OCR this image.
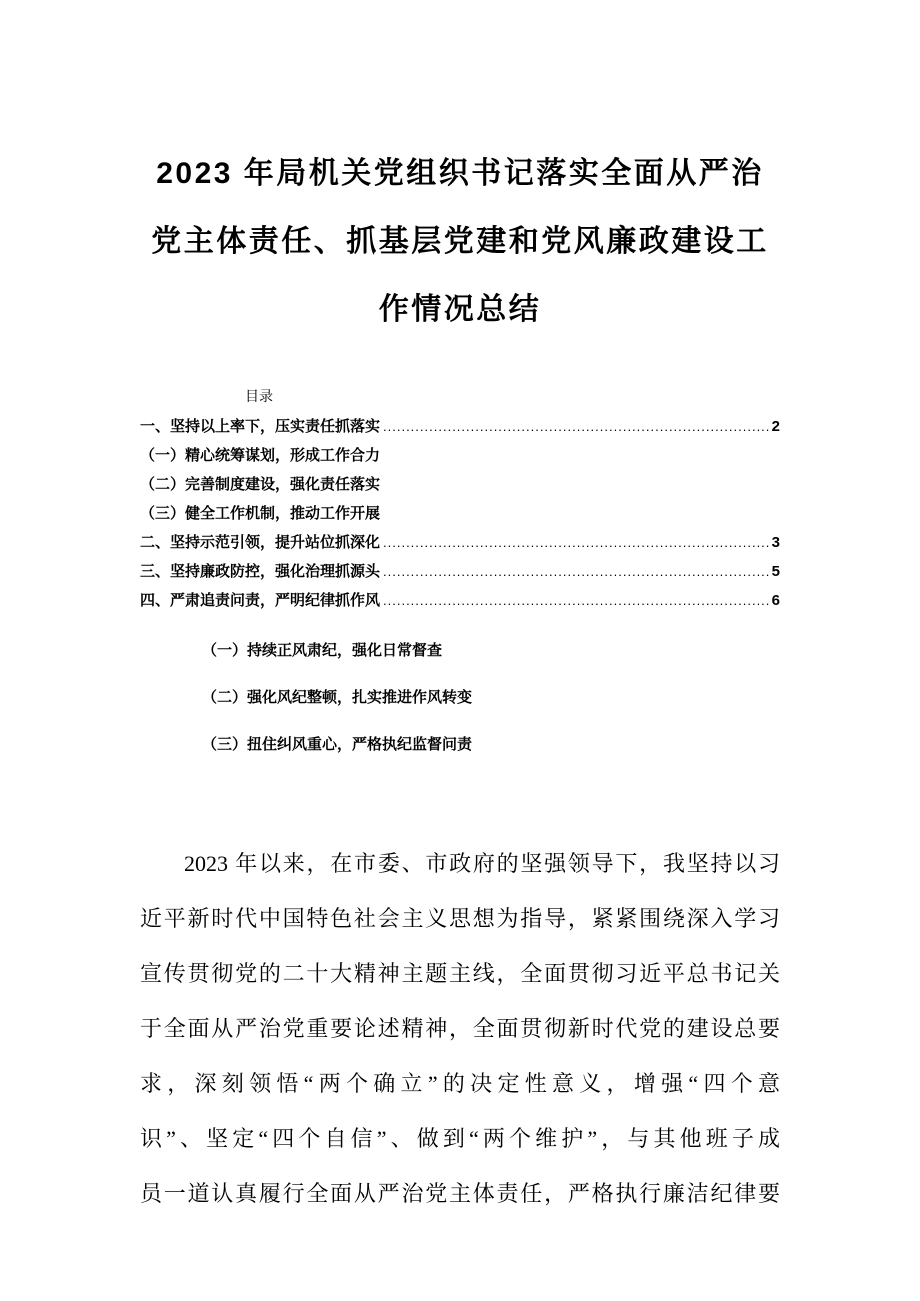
2023 年局机关党组织书记落实全面从严治
党主体责任、抓基层党建和党风廉政建设工
作情况总结
目录
一、坚持以上率下，压实责任抓落实 .....	2
（一）精心统筹谋划，形成工作合力
（二）完善制度建设，强化责任落实
（三）健全工作机制，推动工作开展
二、坚持示范引领，提升站位抓深化 .....	3
三、坚持廉政防控，强化治理抓源头 .....	5
四、严肃追责问责，严明纪律抓作风 .....	6
（一）持续正风肃纪，强化日常督查
（二）强化风纪整顿，扎实推进作风转变
（三）扭住纠风重心，严格执纪监督问责
2023 年以来，在市委、市政府的坚强领导下，我坚持以习
近平新时代中国特色社会主义思想为指导，紧紧围绕深入学习
宣传贯彻党的二十大精神主题主线，全面贯彻习近平总书记关
于全面从严治党重要论述精神，全面贯彻新时代党的建设总要
求，深刻领悟“两个确立”的决定性意义，增强“四个意
识”、坚定“四个自信”、做到“两个维护”，与其他班子成
员一道认真履行全面从严治党主体责任，严格执行廉洁纪律要
